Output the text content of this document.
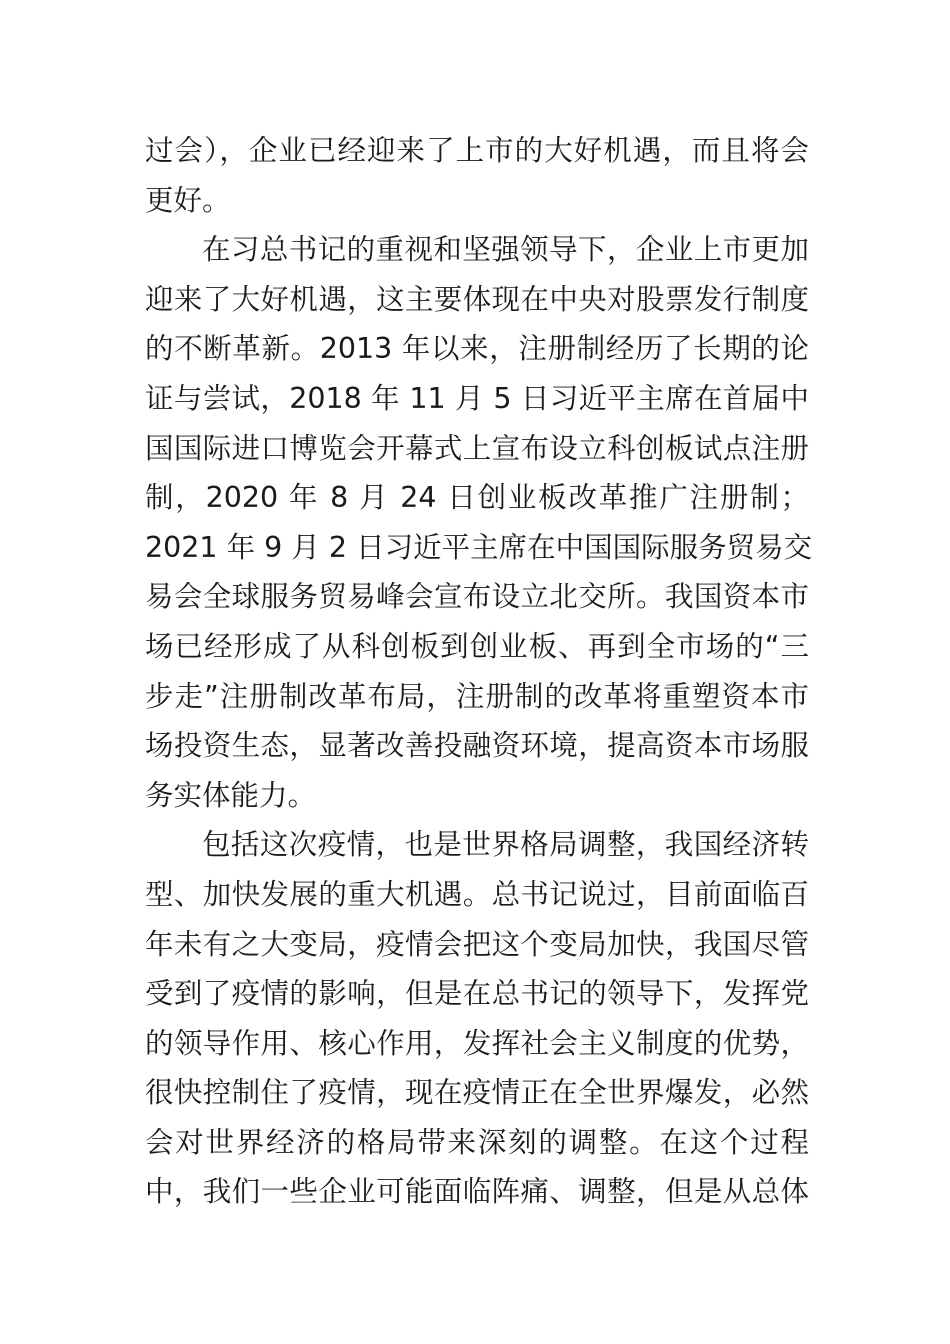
过会），企业已经迎来了上市的大好机遇，而且将会
更好。
在习总书记的重视和坚强领导下，企业上市更加
迎来了大好机遇，这主要体现在中央对股票发行制度
的不断革新。2013 年以来，注册制经历了长期的论
证与尝试，2018 年 11 月 5 日习近平主席在首届中
国国际进口博览会开幕式上宣布设立科创板试点注册
制，2020 年 8 月 24 日创业板改革推广注册制；
2021 年 9 月 2 日习近平主席在中国国际服务贸易交
易会全球服务贸易峰会宣布设立北交所。我国资本市
场已经形成了从科创板到创业板、再到全市场的“三
步走”注册制改革布局，注册制的改革将重塑资本市
场投资生态，显著改善投融资环境，提高资本市场服
务实体能力。
包括这次疫情，也是世界格局调整，我国经济转
型、加快发展的重大机遇。总书记说过，目前面临百
年未有之大变局，疫情会把这个变局加快，我国尽管
受到了疫情的影响，但是在总书记的领导下，发挥党
的领导作用、核心作用，发挥社会主义制度的优势，
很快控制住了疫情，现在疫情正在全世界爆发，必然
会对世界经济的格局带来深刻的调整。在这个过程
中，我们一些企业可能面临阵痛、调整，但是从总体
